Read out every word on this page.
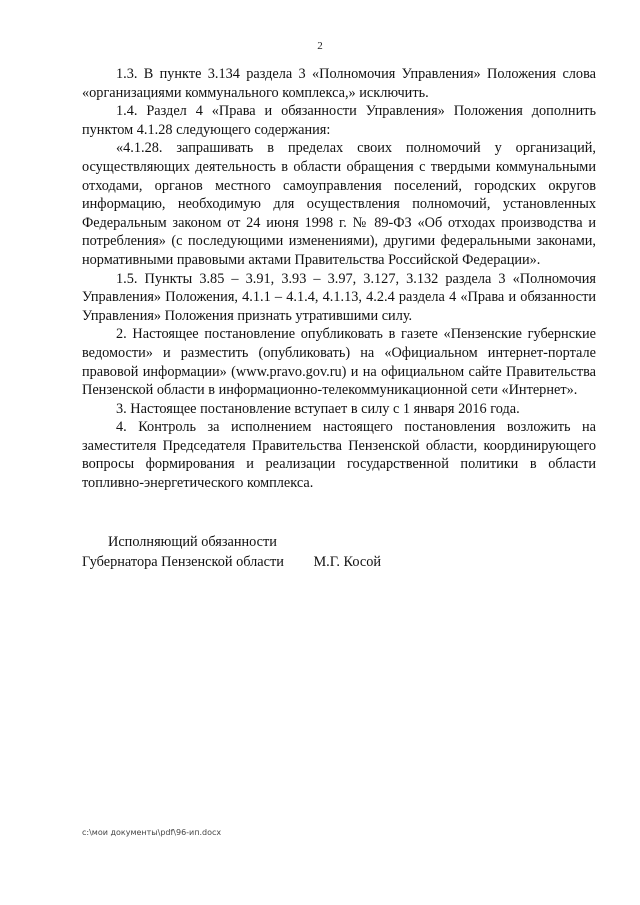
2

1.3. В пункте 3.134 раздела 3 «Полномочия Управления» Положения слова «организациями коммунального комплекса,» исключить.

1.4. Раздел 4 «Права и обязанности Управления» Положения дополнить пунктом 4.1.28 следующего содержания:

«4.1.28. запрашивать в пределах своих полномочий у организаций, осуществляющих деятельность в области обращения с твердыми коммунальными отходами, органов местного самоуправления поселений, городских округов информацию, необходимую для осуществления полномочий, установленных Федеральным законом от 24 июня 1998 г. № 89-ФЗ «Об отходах производства и потребления» (с последующими изменениями), другими федеральными законами, нормативными правовыми актами Правительства Российской Федерации».

1.5. Пункты 3.85 – 3.91, 3.93 – 3.97, 3.127, 3.132 раздела 3 «Полномочия Управления» Положения, 4.1.1 – 4.1.4, 4.1.13, 4.2.4 раздела 4 «Права и обязанности Управления» Положения признать утратившими силу.

2. Настоящее постановление опубликовать в газете «Пензенские губернские ведомости» и разместить (опубликовать) на «Официальном интернет-портале правовой информации» (www.pravo.gov.ru) и на официальном сайте Правительства Пензенской области в информационно-телекоммуникационной сети «Интернет».

3. Настоящее постановление вступает в силу с 1 января 2016 года.

4. Контроль за исполнением настоящего постановления возложить на заместителя Председателя Правительства Пензенской области, координирующего вопросы формирования и реализации государственной политики в области топливно-энергетического комплекса.

Исполняющий обязанности
Губернатора Пензенской области М.Г. Косой
c:\мои документы\pdf\96-ип.docx
